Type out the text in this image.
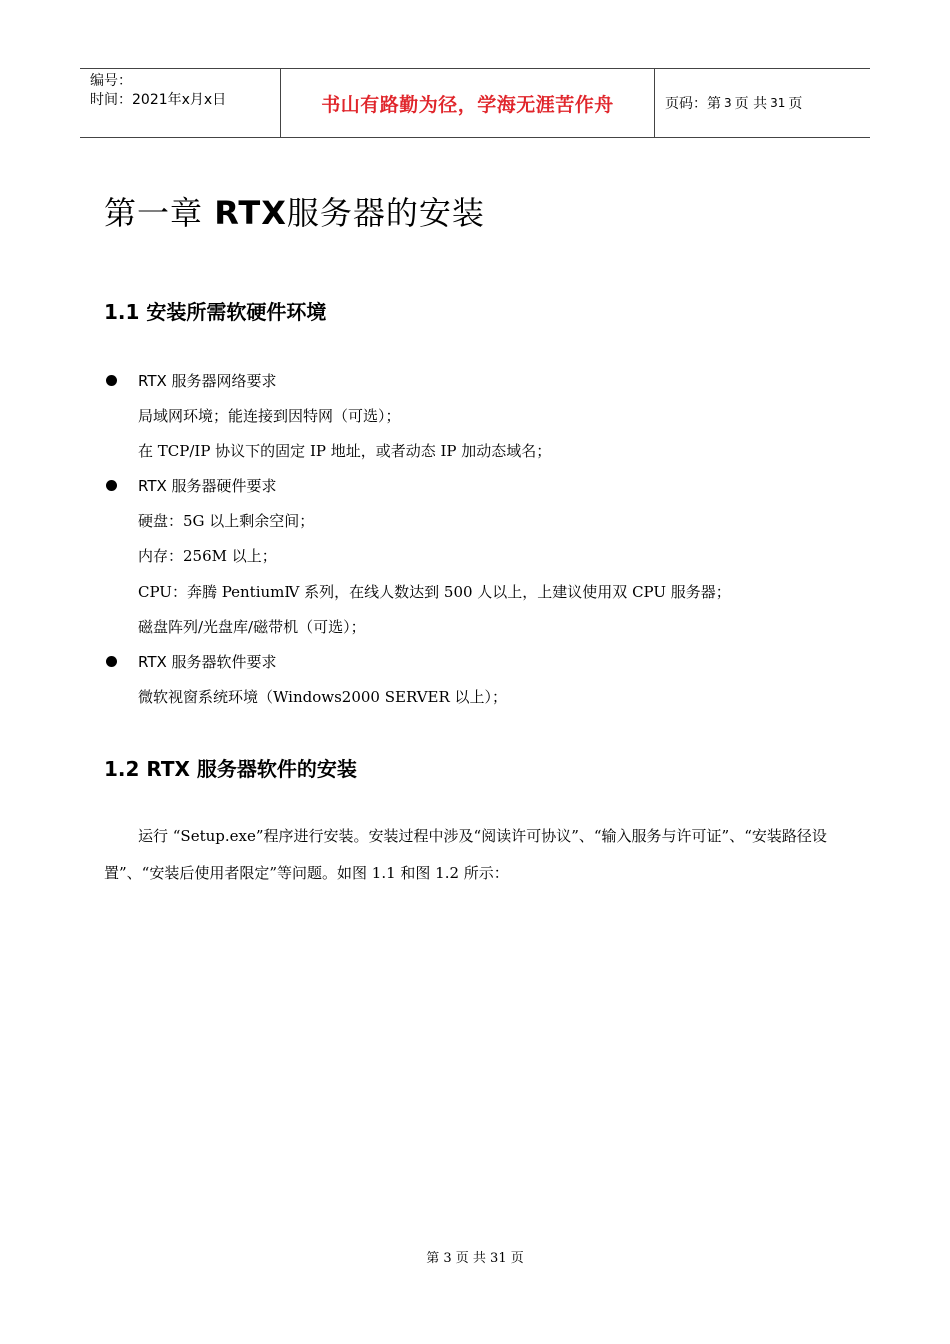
编号：
时间：2021年x月x日	书山有路勤为径，学海无涯苦作舟	页码：第 3 页 共 31 页
第一章 RTX服务器的安装
1.1 安装所需软硬件环境
RTX 服务器网络要求
局域网环境；能连接到因特网（可选）；
在 TCP/IP 协议下的固定 IP 地址，或者动态 IP 加动态域名；
RTX 服务器硬件要求
硬盘：5G 以上剩余空间；
内存：256M 以上；
CPU：奔腾 PentiumⅣ 系列，在线人数达到 500 人以上，上建议使用双 CPU 服务器；
磁盘阵列/光盘库/磁带机（可选）；
RTX 服务器软件要求
微软视窗系统环境（Windows2000 SERVER 以上）；
1.2 RTX 服务器软件的安装

运行 “Setup.exe”程序进行安装。安装过程中涉及“阅读许可协议”、“输入服务与许可证”、“安装路径设置”、“安装后使用者限定”等问题。如图 1.1 和图 1.2 所示：

第 3 页 共 31 页
